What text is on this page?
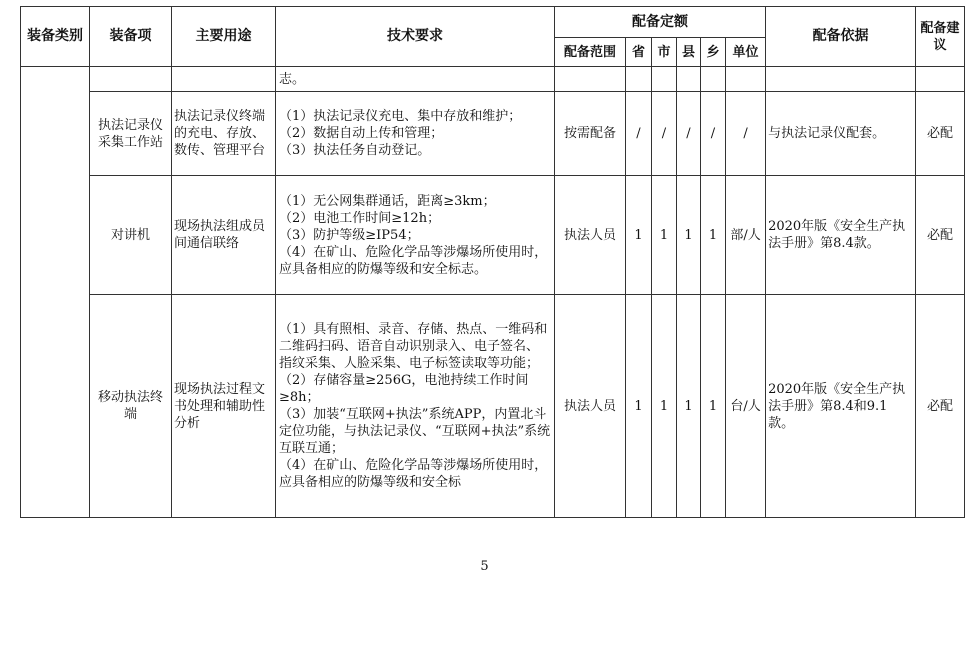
装备类别	装备项	主要用途	技术要求	配备定额						配备依据	配备建议
				配备范围	省	市	县	乡	单位		

			志。								

	执法记录仪采集工作站	执法记录仪终端的充电、存放、数传、管理平台	（1）执法记录仪充电、集中存放和维护；
（2）数据自动上传和管理；
（3）执法任务自动登记。	按需配备	/	/	/	/	/	与执法记录仪配套。	必配
	对讲机	现场执法组成员间通信联络	（1）无公网集群通话，距离≥3km；
（2）电池工作时间≥12h；
（3）防护等级≥IP54；
（4）在矿山、危险化学品等涉爆场所使用时，应具备相应的防爆等级和安全标志。	执法人员	1	1	1	1	部/人	2020年版《安全生产执法手册》第8.4款。	必配
	移动执法终端	现场执法过程文书处理和辅助性分析	（1）具有照相、录音、存储、热点、一维码和二维码扫码、语音自动识别录入、电子签名、指纹采集、人脸采集、电子标签读取等功能；
（2）存储容量≥256G，电池持续工作时间≥8h；
（3）加装“互联网+执法”系统APP，内置北斗定位功能，与执法记录仪、“互联网+执法”系统互联互通；
（4）在矿山、危险化学品等涉爆场所使用时，应具备相应的防爆等级和安全标	执法人员	1	1	1	1	台/人	2020年版《安全生产执法手册》第8.4和9.1款。	必配
5
